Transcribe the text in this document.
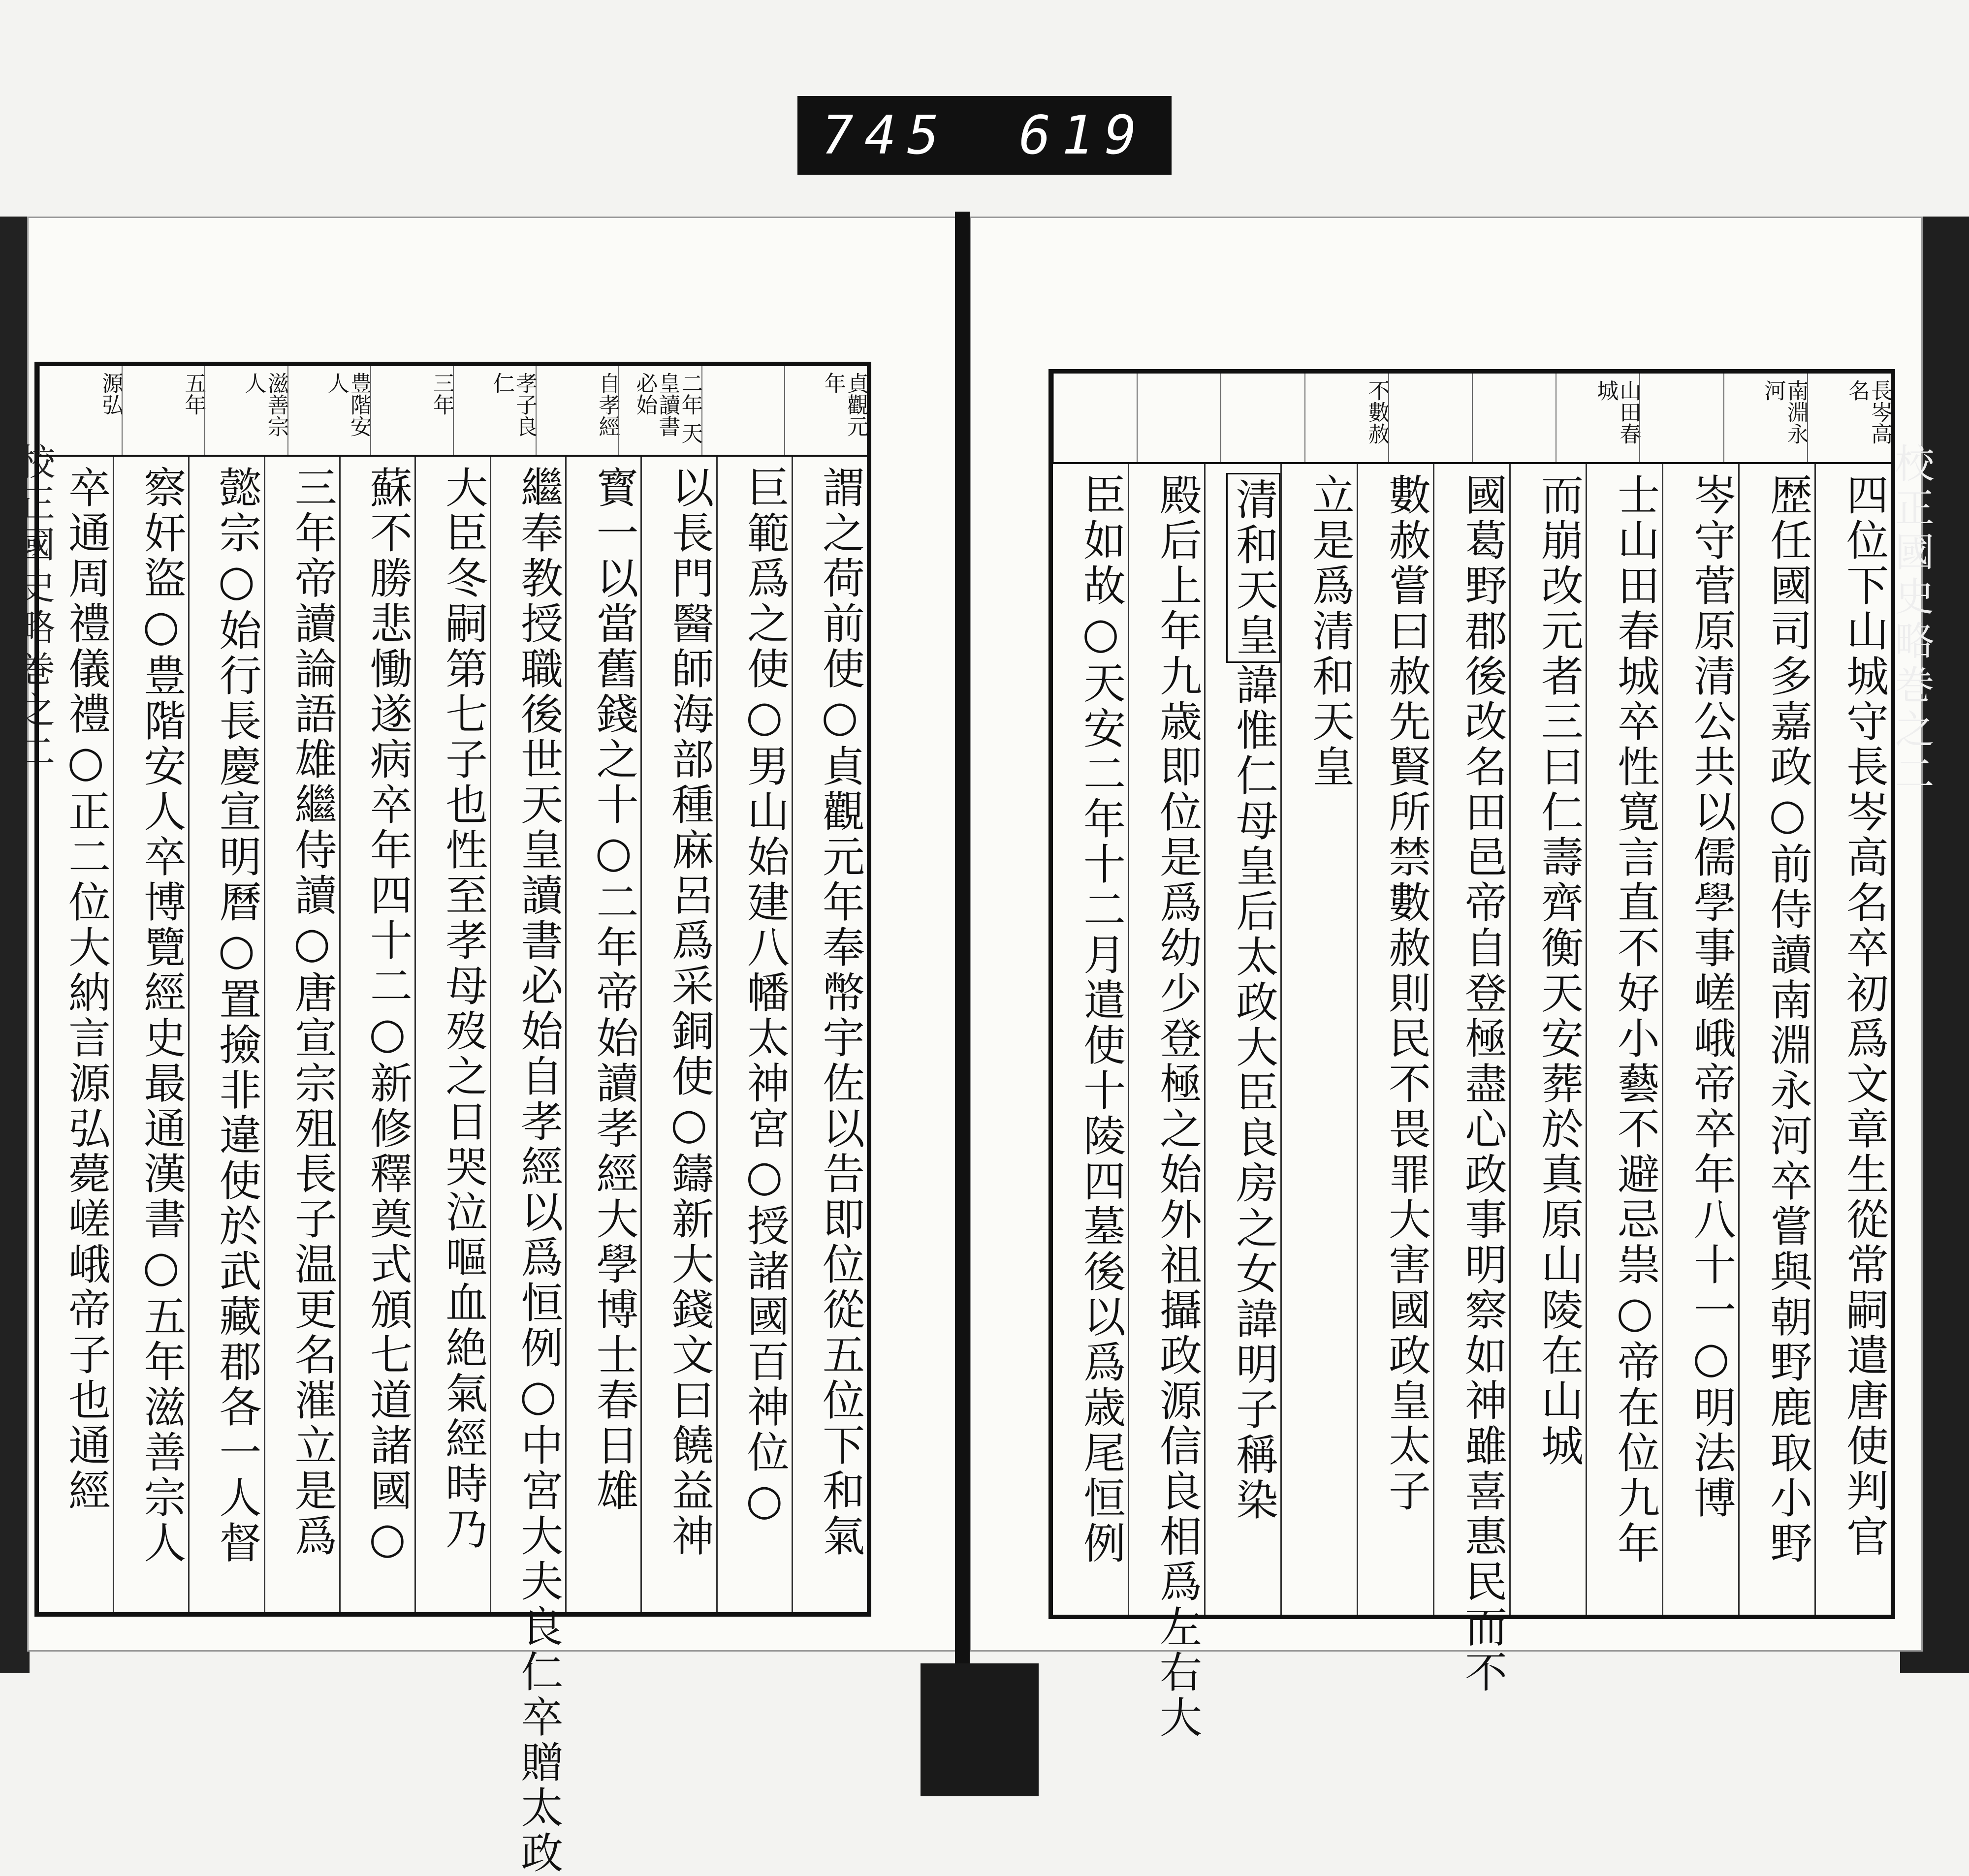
745 619
校正國史略巻之二	校正國史略巻之二
貞觀元年
二年 天皇讀書必始
自孝經
孝子良仁
三年
豊階安人
滋善宗人
五年
源弘
謂之荷前使○貞觀元年奉幣宇佐以告即位從五位下和氣
巨範爲之使○男山始建八幡太神宮○授諸國百神位○
以長門醫師海部種麻呂爲采銅使○鑄新大錢文曰饒益神
寳一以當舊錢之十○二年帝始讀孝經大學博士春日雄
繼奉教授職後世天皇讀書必始自孝經以爲恒例○中宮大夫良仁卒贈太政
大臣冬嗣第七子也性至孝母歿之日哭泣嘔血絶氣經時乃
蘇不勝悲慟遂病卒年四十二○新修釋奠式頒七道諸國○
三年帝讀論語雄繼侍讀○唐宣宗殂長子温更名漼立是爲
懿宗○始行長慶宣明曆○置撿非違使於武藏郡各一人督
察奸盜○豊階安人卒博覽經史最通漢書○五年滋善宗人
卒通周禮儀禮○正二位大納言源弘薨嵯峨帝子也通經
長岑高名
南淵永河
山田春城
不數赦
四位下山城守長岑高名卒初爲文章生從常嗣遣唐使判官
歴任國司多嘉政○前侍讀南淵永河卒嘗與朝野鹿取小野
岑守菅原清公共以儒學事嵯峨帝卒年八十一○明法博
士山田春城卒性寛言直不好小藝不避忌祟○帝在位九年
而崩改元者三曰仁壽齊衡天安葬於真原山陵在山城
國葛野郡後改名田邑帝自登極盡心政事明察如神雖喜惠民而不
數赦嘗曰赦先賢所禁數赦則民不畏罪大害國政皇太子
立是爲清和天皇
清和天皇諱惟仁母皇后太政大臣良房之女諱明子稱染
殿后上年九歳即位是爲幼少登極之始外祖攝政源信良相爲左右大
臣如故○天安二年十二月遣使十陵四墓後以爲歳尾恒例
